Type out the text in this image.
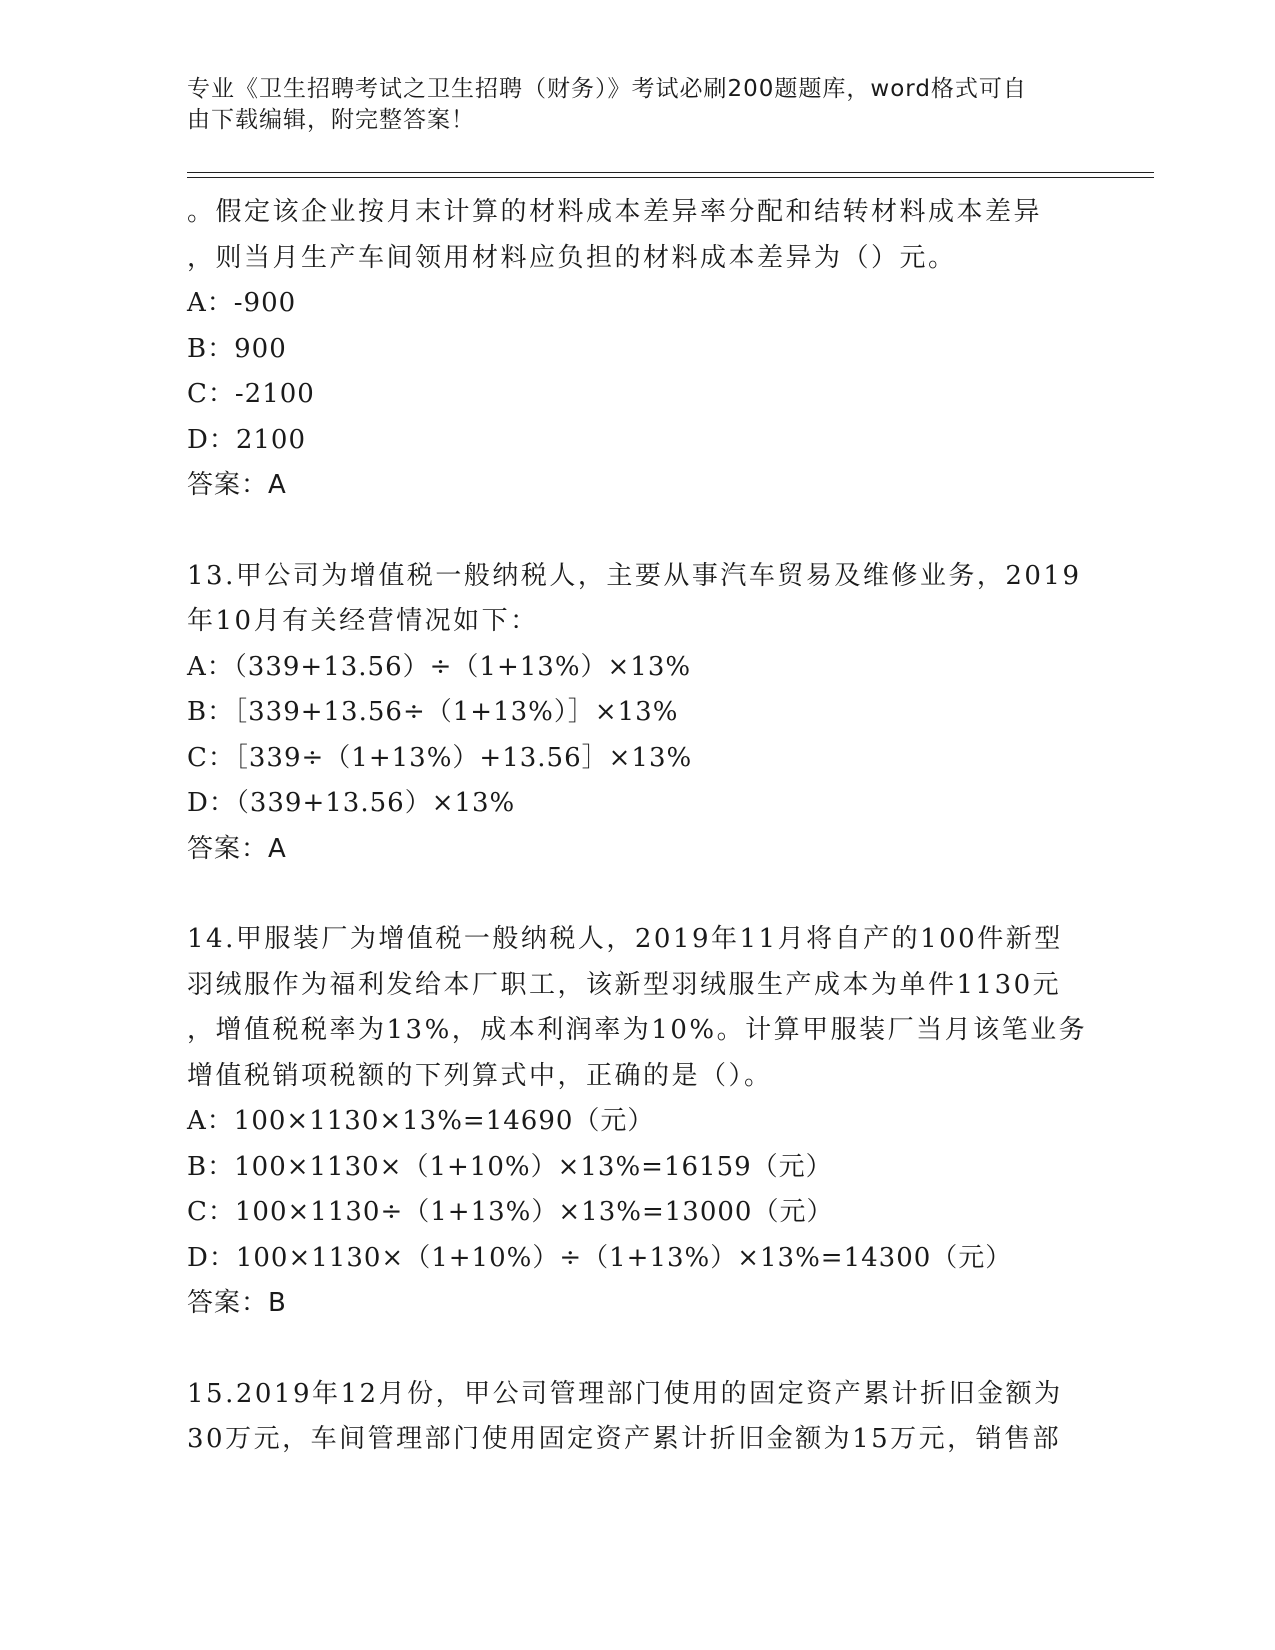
专业《卫生招聘考试之卫生招聘（财务）》考试必刷200题题库，word格式可自
由下载编辑，附完整答案！
。假定该企业按月末计算的材料成本差异率分配和结转材料成本差异
，则当月生产车间领用材料应负担的材料成本差异为（）元。
A：-900
B：900
C：-2100
D：2100
答案：A
13.甲公司为增值税一般纳税人，主要从事汽车贸易及维修业务，2019
年10月有关经营情况如下：
A：（339+13.56）÷（1+13%）×13%
B：［339+13.56÷（1+13%）］×13%
C：［339÷（1+13%）+13.56］×13%
D：（339+13.56）×13%
答案：A
14.甲服装厂为增值税一般纳税人，2019年11月将自产的100件新型
羽绒服作为福利发给本厂职工，该新型羽绒服生产成本为单件1130元
，增值税税率为13%，成本利润率为10%。计算甲服装厂当月该笔业务
增值税销项税额的下列算式中，正确的是（）。
A：100×1130×13%=14690（元）
B：100×1130×（1+10%）×13%=16159（元）
C：100×1130÷（1+13%）×13%=13000（元）
D：100×1130×（1+10%）÷（1+13%）×13%=14300（元）
答案：B
15.2019年12月份，甲公司管理部门使用的固定资产累计折旧金额为
30万元，车间管理部门使用固定资产累计折旧金额为15万元，销售部
